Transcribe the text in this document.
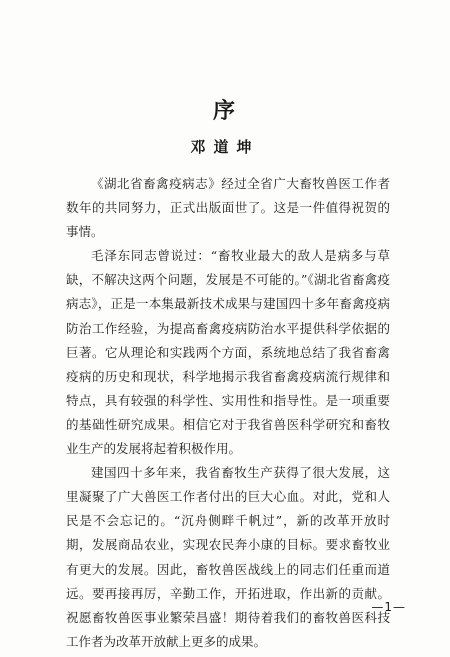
序
邓道坤

《湖北省畜禽疫病志》经过全省广大畜牧兽医工作者数年的共同努力，正式出版面世了。这是一件值得祝贺的事情。

毛泽东同志曾说过：“畜牧业最大的敌人是病多与草缺，不解决这两个问题，发展是不可能的。”《湖北省畜禽疫病志》，正是一本集最新技术成果与建国四十多年畜禽疫病防治工作经验，为提高畜禽疫病防治水平提供科学依据的巨著。它从理论和实践两个方面，系统地总结了我省畜禽疫病的历史和现状，科学地揭示我省畜禽疫病流行规律和特点，具有较强的科学性、实用性和指导性。是一项重要的基础性研究成果。相信它对于我省兽医科学研究和畜牧业生产的发展将起着积极作用。

建国四十多年来，我省畜牧生产获得了很大发展，这里凝聚了广大兽医工作者付出的巨大心血。对此，党和人民是不会忘记的。“沉舟侧畔千帆过”，新的改革开放时期，发展商品农业，实现农民奔小康的目标。要求畜牧业有更大的发展。因此，畜牧兽医战线上的同志们任重而道远。要再接再厉，辛勤工作，开拓进取，作出新的贡献。祝愿畜牧兽医事业繁荣昌盛！期待着我们的畜牧兽医科技工作者为改革开放献上更多的成果。

—1—
